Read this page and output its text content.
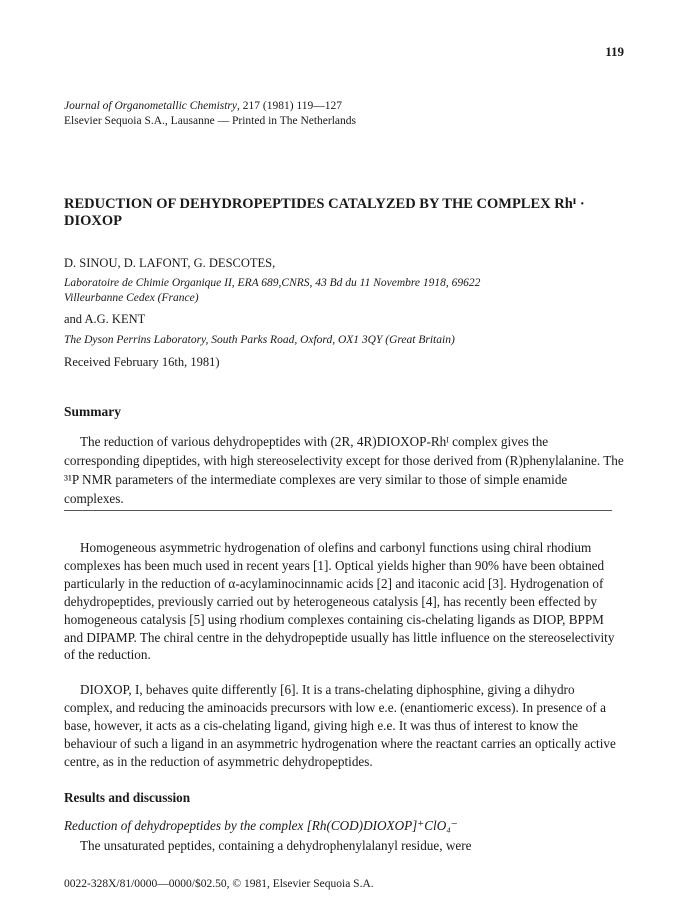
119
Journal of Organometallic Chemistry, 217 (1981) 119—127
Elsevier Sequoia S.A., Lausanne — Printed in The Netherlands
REDUCTION OF DEHYDROPEPTIDES CATALYZED BY THE COMPLEX Rhᴵ · DIOXOP
D. SINOU, D. LAFONT, G. DESCOTES,
Laboratoire de Chimie Organique II, ERA 689,CNRS, 43 Bd du 11 Novembre 1918, 69622
Villeurbanne Cedex (France)
and A.G. KENT
The Dyson Perrins Laboratory, South Parks Road, Oxford, OX1 3QY (Great Britain)
Received February 16th, 1981)
Summary

The reduction of various dehydropeptides with (2R, 4R)DIOXOP-Rhᴵ complex gives the corresponding dipeptides, with high stereoselectivity except for those derived from (R)phenylalanine. The ³¹P NMR parameters of the intermediate complexes are very similar to those of simple enamide complexes.

Homogeneous asymmetric hydrogenation of olefins and carbonyl functions using chiral rhodium complexes has been much used in recent years [1]. Optical yields higher than 90% have been obtained particularly in the reduction of α-acylaminocinnamic acids [2] and itaconic acid [3]. Hydrogenation of dehydropeptides, previously carried out by heterogeneous catalysis [4], has recently been effected by homogeneous catalysis [5] using rhodium complexes containing cis-chelating ligands as DIOP, BPPM and DIPAMP. The chiral centre in the dehydropeptide usually has little influence on the stereoselectivity of the reduction.

DIOXOP, I, behaves quite differently [6]. It is a trans-chelating diphosphine, giving a dihydro complex, and reducing the aminoacids precursors with low e.e. (enantiomeric excess). In presence of a base, however, it acts as a cis-chelating ligand, giving high e.e. It was thus of interest to know the behaviour of such a ligand in an asymmetric hydrogenation where the reactant carries an optically active centre, as in the reduction of asymmetric dehydropeptides.

Results and discussion
Reduction of dehydropeptides by the complex [Rh(COD)DIOXOP]⁺ClO₄⁻
The unsaturated peptides, containing a dehydrophenylalanyl residue, were
0022-328X/81/0000—0000/$02.50, © 1981, Elsevier Sequoia S.A.
